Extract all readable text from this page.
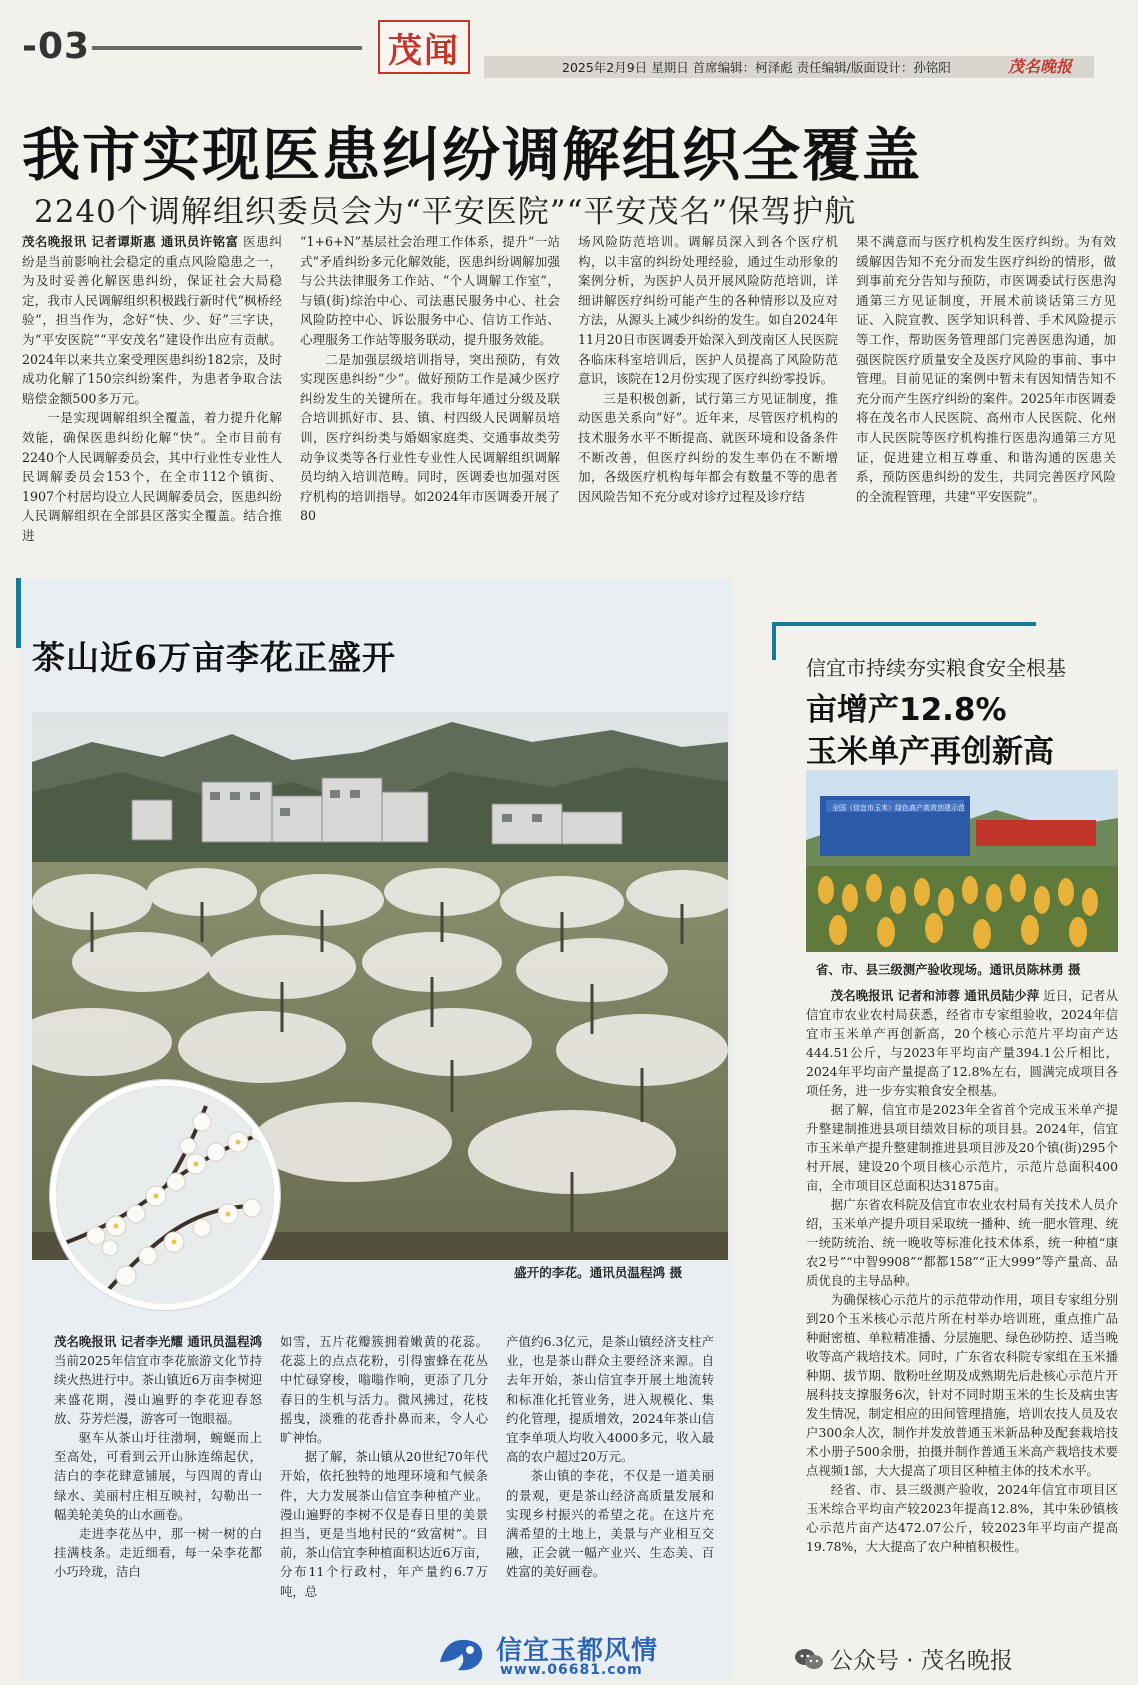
-03	茂闻	2025年2月9日 星期日 首席编辑：柯泽彪 责任编辑/版面设计：孙铭阳	茂名晚报
我市实现医患纠纷调解组织全覆盖
2240个调解组织委员会为“平安医院”“平安茂名”保驾护航

茂名晚报讯 记者谭斯惠 通讯员许铭富 医患纠纷是当前影响社会稳定的重点风险隐患之一，为及时妥善化解医患纠纷，保证社会大局稳定，我市人民调解组织积极践行新时代“枫桥经验”，担当作为，念好“快、少、好”三字诀，为“平安医院”“平安茂名”建设作出应有贡献。2024年以来共立案受理医患纠纷182宗，及时成功化解了150宗纠纷案件，为患者争取合法赔偿金额500多万元。

一是实现调解组织全覆盖，着力提升化解效能，确保医患纠纷化解“快”。全市目前有2240个人民调解委员会，其中行业性专业性人民调解委员会153个，在全市112个镇街、1907个村居均设立人民调解委员会，医患纠纷人民调解组织在全部县区落实全覆盖。结合推进

“1+6+N”基层社会治理工作体系，提升“一站式”矛盾纠纷多元化解效能，医患纠纷调解加强与公共法律服务工作站、“个人调解工作室”，与镇(街)综治中心、司法惠民服务中心、社会风险防控中心、诉讼服务中心、信访工作站、心理服务工作站等服务联动，提升服务效能。

二是加强层级培训指导，突出预防，有效实现医患纠纷“少”。做好预防工作是减少医疗纠纷发生的关键所在。我市每年通过分级及联合培训抓好市、县、镇、村四级人民调解员培训，医疗纠纷类与婚姻家庭类、交通事故类劳动争议类等各行业性专业性人民调解组织调解员均纳入培训范畴。同时，医调委也加强对医疗机构的培训指导。如2024年市医调委开展了80

场风险防范培训。调解员深入到各个医疗机构，以丰富的纠纷处理经验，通过生动形象的案例分析，为医护人员开展风险防范培训，详细讲解医疗纠纷可能产生的各种情形以及应对方法，从源头上减少纠纷的发生。如自2024年11月20日市医调委开始深入到茂南区人民医院各临床科室培训后，医护人员提高了风险防范意识，该院在12月份实现了医疗纠纷零投诉。

三是积极创新，试行第三方见证制度，推动医患关系向“好”。近年来，尽管医疗机构的技术服务水平不断提高、就医环境和设备条件不断改善，但医疗纠纷的发生率仍在不断增加，各级医疗机构每年都会有数量不等的患者因风险告知不充分或对诊疗过程及诊疗结

果不满意而与医疗机构发生医疗纠纷。为有效缓解因告知不充分而发生医疗纠纷的情形，做到事前充分告知与预防，市医调委试行医患沟通第三方见证制度，开展术前谈话第三方见证、入院宣教、医学知识科普、手术风险提示等工作，帮助医务管理部门完善医患沟通，加强医院医疗质量安全及医疗风险的事前、事中管理。目前见证的案例中暂未有因知情告知不充分而产生医疗纠纷的案件。2025年市医调委将在茂名市人民医院、高州市人民医院、化州市人民医院等医疗机构推行医患沟通第三方见证，促进建立相互尊重、和谐沟通的医患关系，预防医患纠纷的发生，共同完善医疗风险的全流程管理，共建“平安医院”。

茶山近6万亩李花正盛开
盛开的李花。通讯员温程鸿 摄

茂名晚报讯 记者李光耀 通讯员温程鸿 当前2025年信宜市李花旅游文化节持续火热进行中。茶山镇近6万亩李树迎来盛花期，漫山遍野的李花迎春怒放、芬芳烂漫，游客可一饱眼福。

驱车从茶山圩往渤垌，蜿蜒而上至高处，可看到云开山脉连绵起伏，洁白的李花肆意铺展，与四周的青山绿水、美丽村庄相互映衬，勾勒出一幅美轮美奂的山水画卷。

走进李花丛中，那一树一树的白挂满枝条。走近细看，每一朵李花都小巧玲珑，洁白

如雪，五片花瓣簇拥着嫩黄的花蕊。花蕊上的点点花粉，引得蜜蜂在花丛中忙碌穿梭，嗡嗡作响，更添了几分春日的生机与活力。微风拂过，花枝摇曳，淡雅的花香扑鼻而来，令人心旷神怡。

据了解，茶山镇从20世纪70年代开始，依托独特的地理环境和气候条件，大力发展茶山信宜李种植产业。漫山遍野的李树不仅是春日里的美景担当，更是当地村民的“致富树”。目前，茶山信宜李种植面积达近6万亩，分布11个行政村，年产量约6.7万吨，总

产值约6.3亿元，是茶山镇经济支柱产业，也是茶山群众主要经济来源。自去年开始，茶山信宜李开展土地流转和标准化托管业务，进入规模化、集约化管理，提质增效，2024年茶山信宜李单项人均收入4000多元，收入最高的农户超过20万元。

茶山镇的李花，不仅是一道美丽的景观，更是茶山经济高质量发展和实现乡村振兴的希望之花。在这片充满希望的土地上，美景与产业相互交融，正会就一幅产业兴、生态美、百姓富的美好画卷。

信宜市持续夯实粮食安全根基
亩增产12.8%
玉米单产再创新高
全国（信宜市玉米）绿色高产高效创建示范
省、市、县三级测产验收现场。通讯员陈林勇 摄

茂名晚报讯 记者和沛蓉 通讯员陆少萍 近日，记者从信宜市农业农村局获悉，经省市专家组验收，2024年信宜市玉米单产再创新高，20个核心示范片平均亩产达444.51公斤，与2023年平均亩产量394.1公斤相比，2024年平均亩产量提高了12.8%左右，圆满完成项目各项任务，进一步夯实粮食安全根基。

据了解，信宜市是2023年全省首个完成玉米单产提升整建制推进县项目绩效目标的项目县。2024年，信宜市玉米单产提升整建制推进县项目涉及20个镇(街)295个村开展，建设20个项目核心示范片，示范片总面积400亩，全市项目区总面积达31875亩。

据广东省农科院及信宜市农业农村局有关技术人员介绍，玉米单产提升项目采取统一播种、统一肥水管理、统一统防统治、统一晚收等标准化技术体系，统一种植“康农2号”“中智9908”“都都158”“正大999”等产量高、品质优良的主导品种。

为确保核心示范片的示范带动作用，项目专家组分别到20个玉米核心示范片所在村举办培训班，重点推广品种耐密植、单粒精准播、分层施肥、绿色砂防控、适当晚收等高产栽培技术。同时，广东省农科院专家组在玉米播种期、拔节期、散粉吐丝期及成熟期先后赴核心示范片开展科技支撑服务6次，针对不同时期玉米的生长及病虫害发生情况，制定相应的田间管理措施，培训农技人员及农户300余人次，制作并发放普通玉米新品种及配套栽培技术小册子500余册，拍摄并制作普通玉米高产栽培技术要点视频1部，大大提高了项目区种植主体的技术水平。

经省、市、县三级测产验收，2024年信宜市项目区玉米综合平均亩产较2023年提高12.8%，其中朱砂镇核心示范片亩产达472.07公斤，较2023年平均亩产提高19.78%，大大提高了农户种植积极性。

信宜玉都风情
www.06681.com	公众号 · 茂名晚报
